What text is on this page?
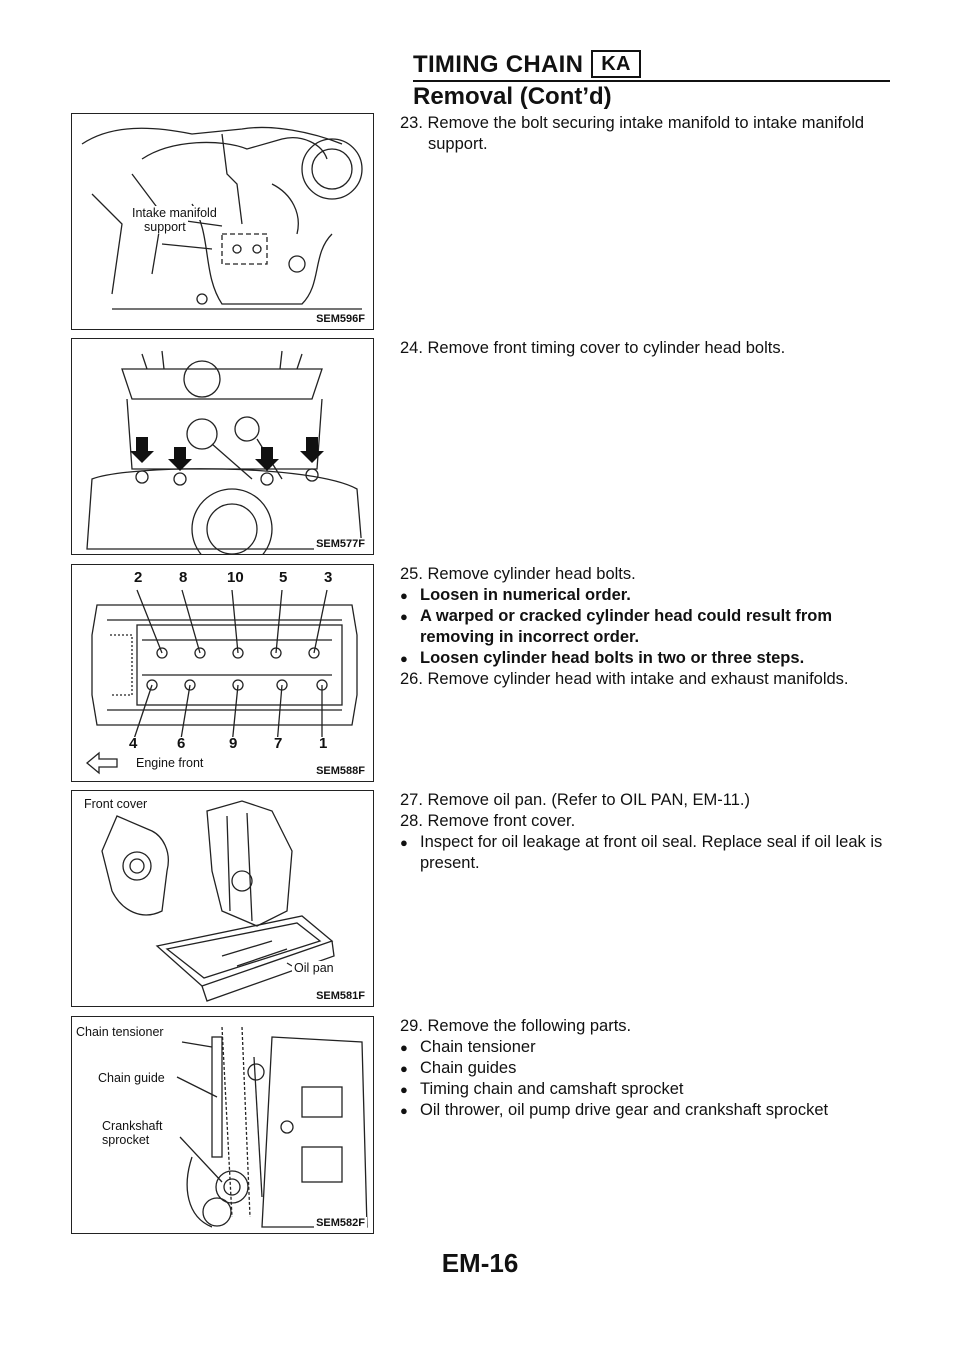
TIMING CHAIN KA
Removal (Cont’d)
Intake manifold
support
SEM596F
SEM577F
2 8	10 5 3
4	6	9 7 1
Engine front
SEM588F
Front cover
Oil pan
SEM581F
Chain tensioner
Chain guide
Crankshaft
sprocket
SEM582F

23. Remove the bolt securing intake manifold to intake manifold support.

24. Remove front timing cover to cylinder head bolts.

25. Remove cylinder head bolts.

● Loosen in numerical order.

● A warped or cracked cylinder head could result from removing in incorrect order.

● Loosen cylinder head bolts in two or three steps.

26. Remove cylinder head with intake and exhaust manifolds.

27. Remove oil pan. (Refer to OIL PAN, EM-11.)

28. Remove front cover.

● Inspect for oil leakage at front oil seal. Replace seal if oil leak is present.

29. Remove the following parts.

● Chain tensioner

● Chain guides

● Timing chain and camshaft sprocket

● Oil thrower, oil pump drive gear and crankshaft sprocket

EM-16
